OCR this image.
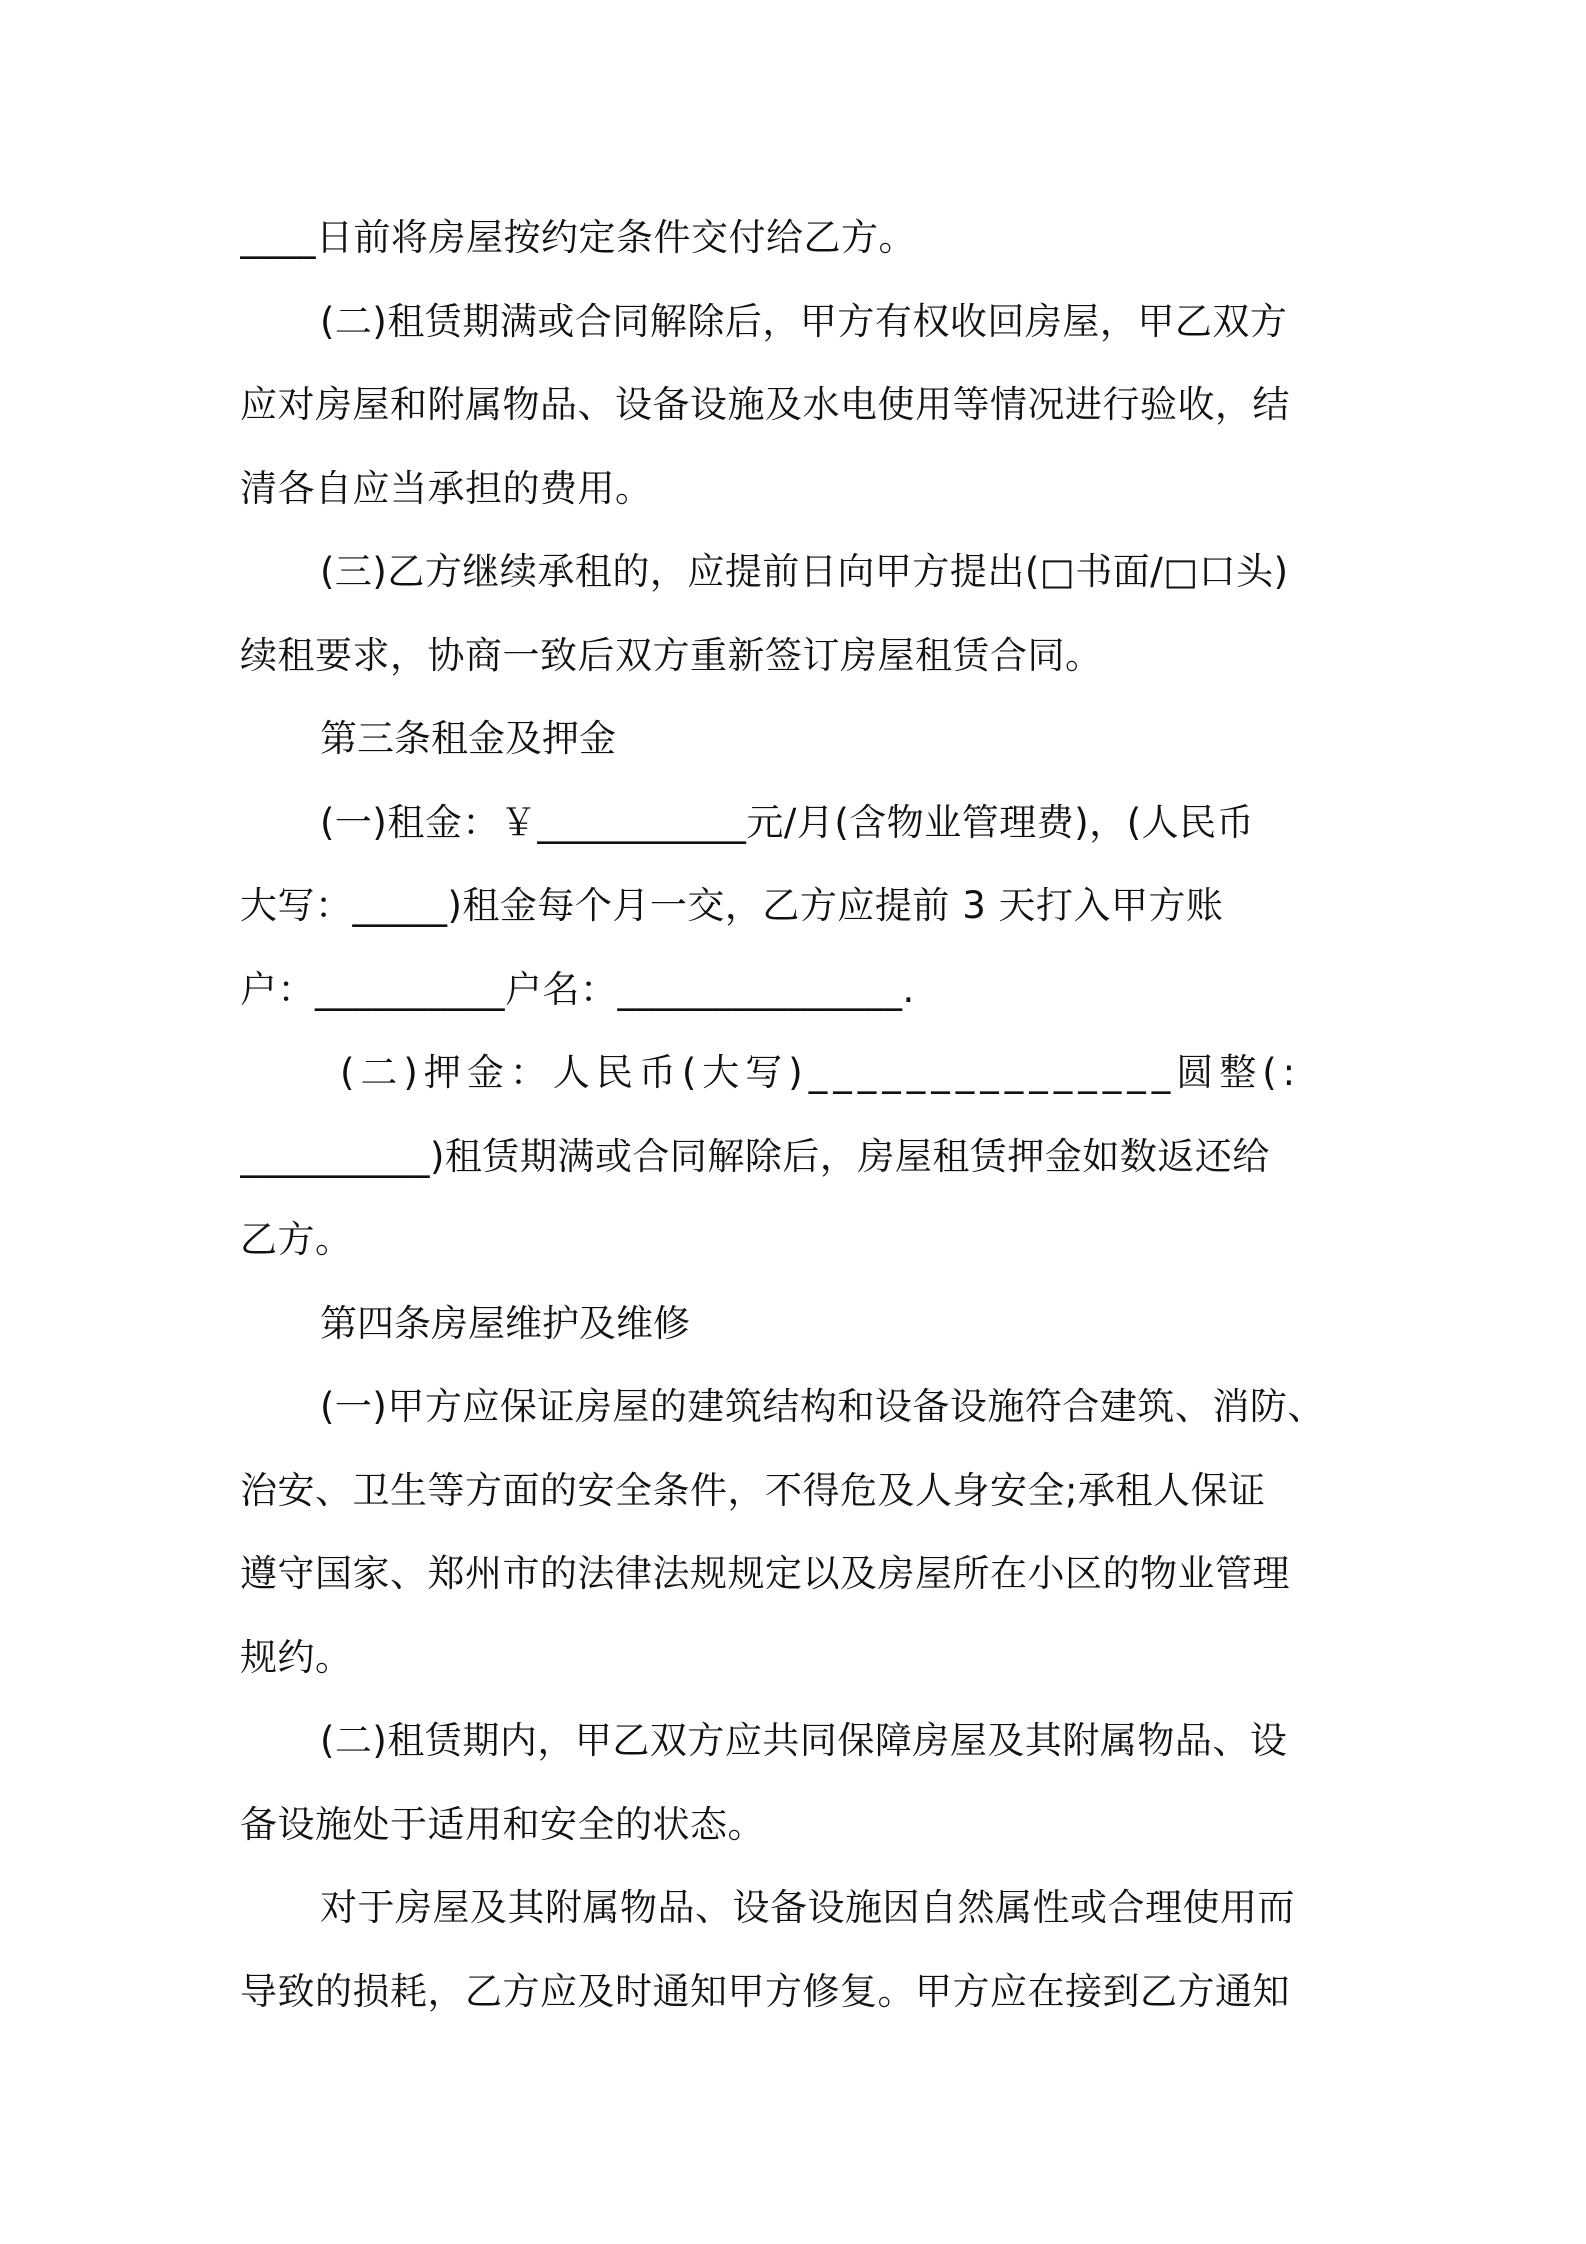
____日前将房屋按约定条件交付给乙方。
(二)租赁期满或合同解除后，甲方有权收回房屋，甲乙双方
应对房屋和附属物品、设备设施及水电使用等情况进行验收，结
清各自应当承担的费用。
(三)乙方继续承租的，应提前日向甲方提出(□书面/□口头)
续租要求，协商一致后双方重新签订房屋租赁合同。
第三条租金及押金
(一)租金：￥___________元/月(含物业管理费)，(人民币
大写：_____)租金每个月一交，乙方应提前 3 天打入甲方账
户：__________户名：_______________.
(二)押金：人民币(大写)_______________圆整(:
__________)租赁期满或合同解除后，房屋租赁押金如数返还给
乙方。
第四条房屋维护及维修
(一)甲方应保证房屋的建筑结构和设备设施符合建筑、消防、
治安、卫生等方面的安全条件，不得危及人身安全;承租人保证
遵守国家、郑州市的法律法规规定以及房屋所在小区的物业管理
规约。
(二)租赁期内，甲乙双方应共同保障房屋及其附属物品、设
备设施处于适用和安全的状态。
对于房屋及其附属物品、设备设施因自然属性或合理使用而
导致的损耗，乙方应及时通知甲方修复。甲方应在接到乙方通知
